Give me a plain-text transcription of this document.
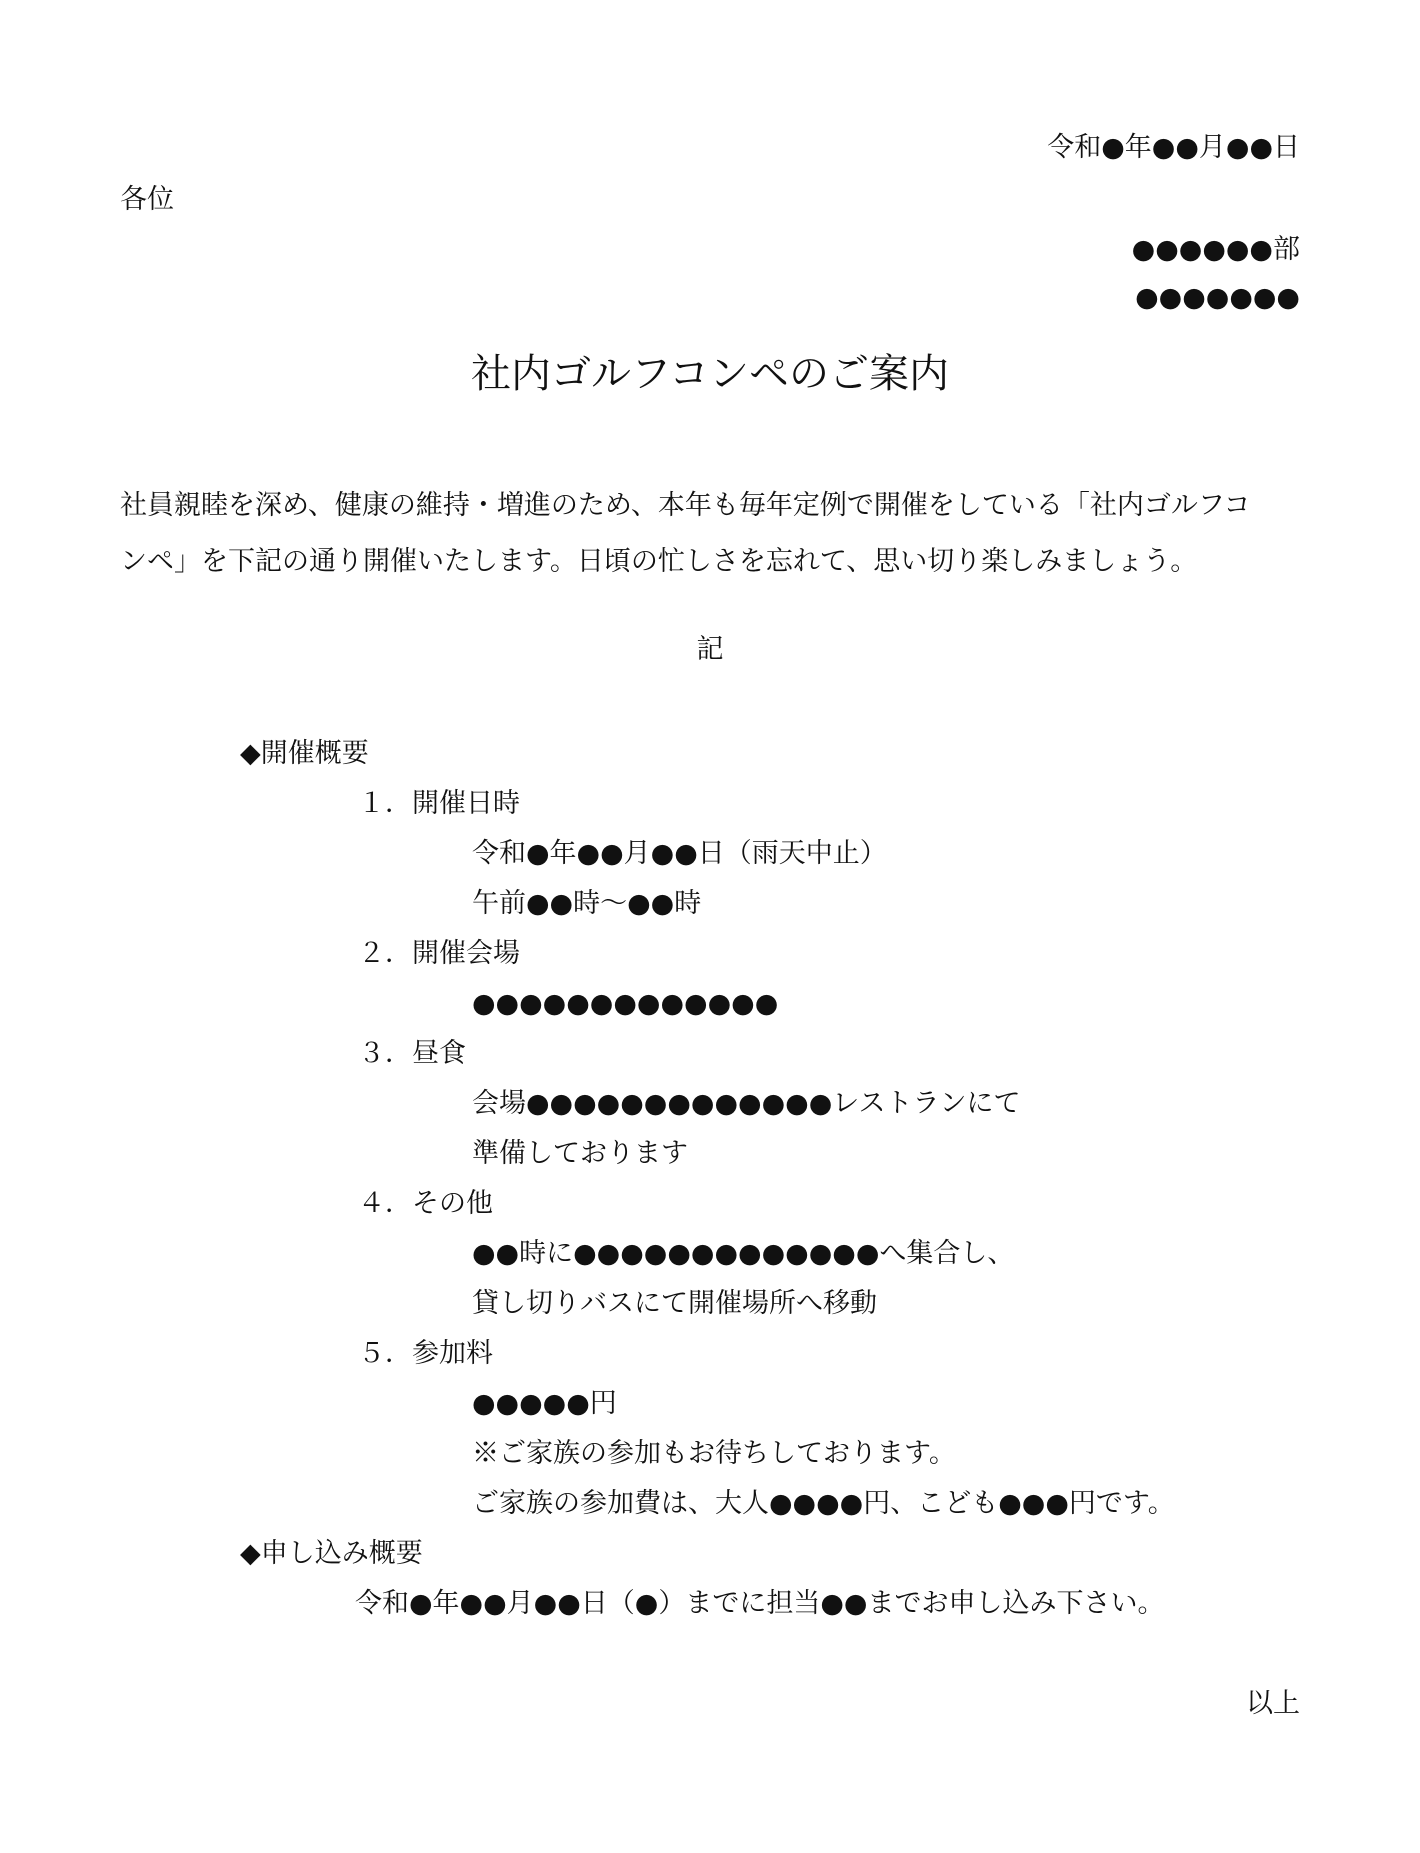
令和●年●●月●●日
各位
●●●●●●部
●●●●●●●
社内ゴルフコンペのご案内
社員親睦を深め、健康の維持・増進のため、本年も毎年定例で開催をしている「社内ゴルフコ
ンペ」を下記の通り開催いたします。日頃の忙しさを忘れて、思い切り楽しみましょう。
記
◆開催概要
１．開催日時
令和●年●●月●●日（雨天中止）
午前●●時～●●時
２．開催会場
●●●●●●●●●●●●●
３．昼食
会場●●●●●●●●●●●●●レストランにて
準備しております
４．その他
●●時に●●●●●●●●●●●●●へ集合し、
貸し切りバスにて開催場所へ移動
５．参加料
●●●●●円
※ご家族の参加もお待ちしております。
ご家族の参加費は、大人●●●●円、こども●●●円です。
◆申し込み概要
令和●年●●月●●日（●）までに担当●●までお申し込み下さい。
以上
